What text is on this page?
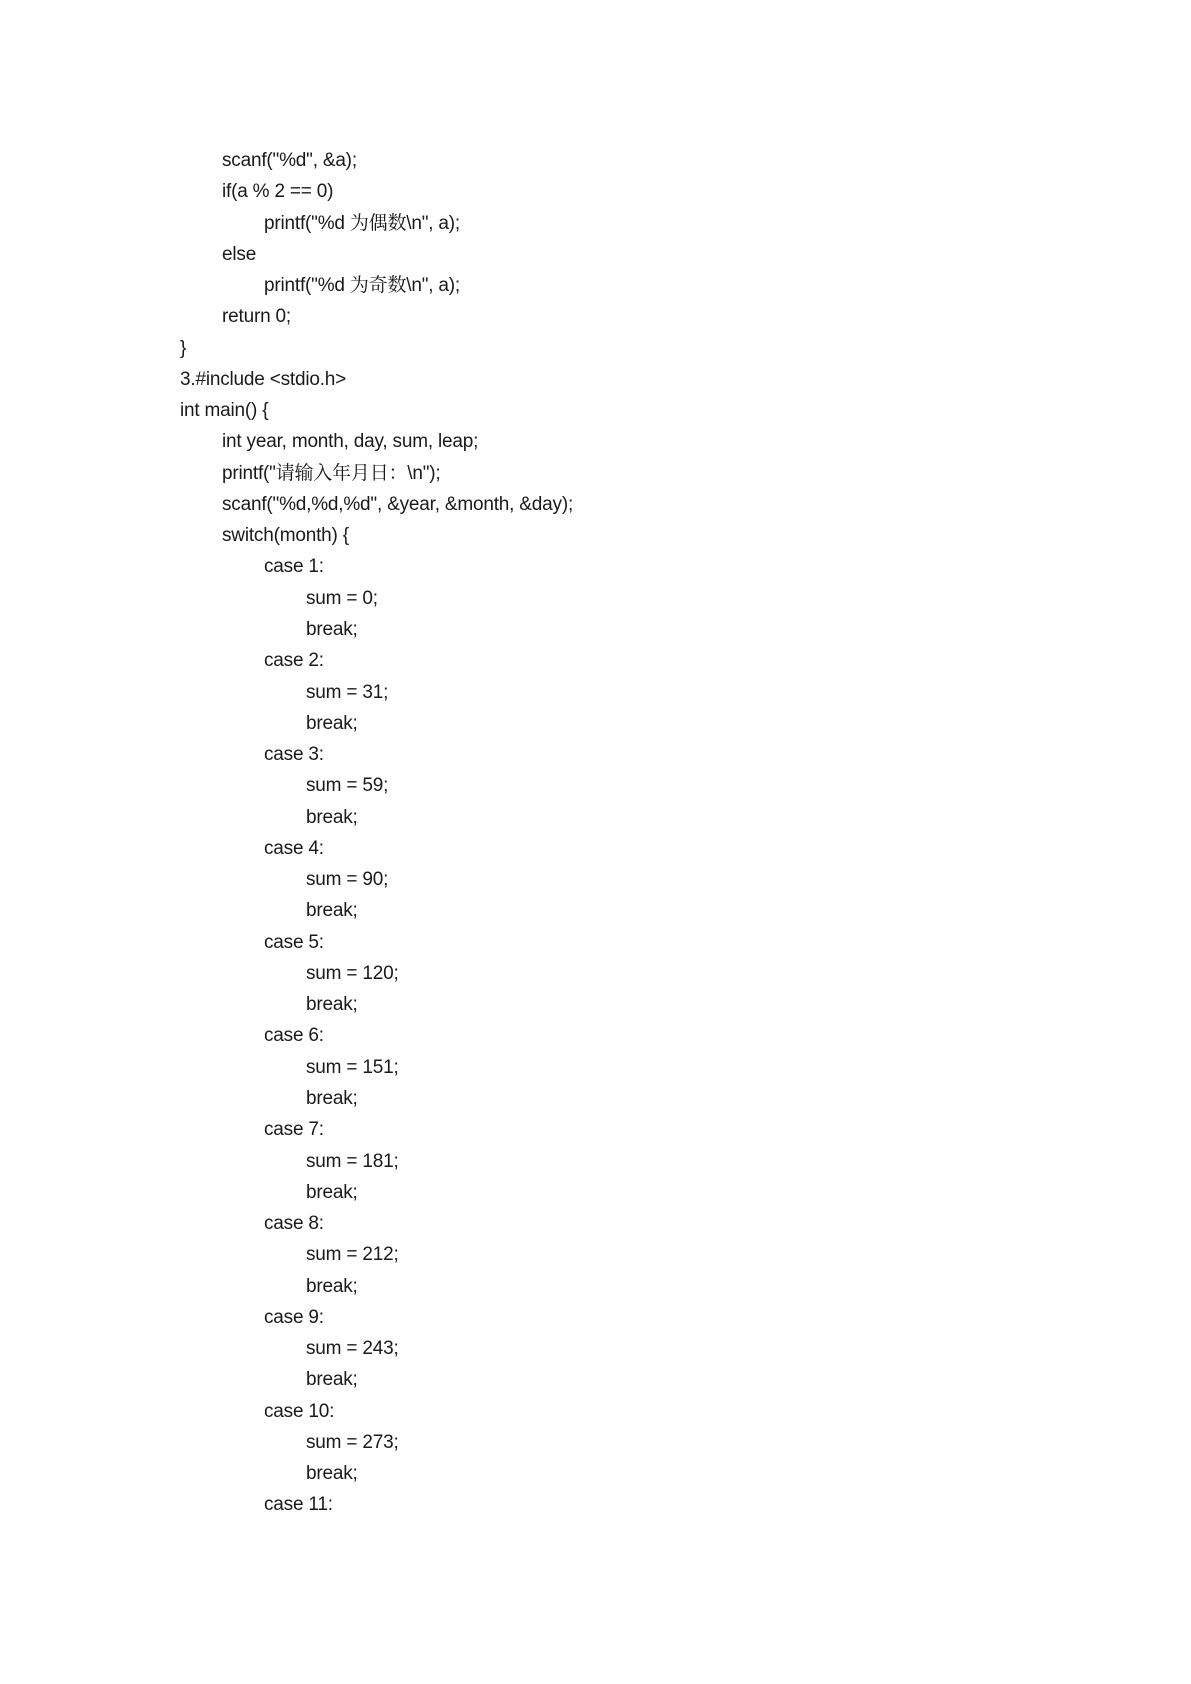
scanf("%d", &a);
if(a % 2 == 0)
printf("%d 为偶数\n", a);
else
printf("%d 为奇数\n", a);
return 0;
}
3.#include <stdio.h>
int main() {
int year, month, day, sum, leap;
printf("请输入年月日：\n");
scanf("%d,%d,%d", &year, &month, &day);
switch(month) {
case 1:
sum = 0;
break;
case 2:
sum = 31;
break;
case 3:
sum = 59;
break;
case 4:
sum = 90;
break;
case 5:
sum = 120;
break;
case 6:
sum = 151;
break;
case 7:
sum = 181;
break;
case 8:
sum = 212;
break;
case 9:
sum = 243;
break;
case 10:
sum = 273;
break;
case 11:
